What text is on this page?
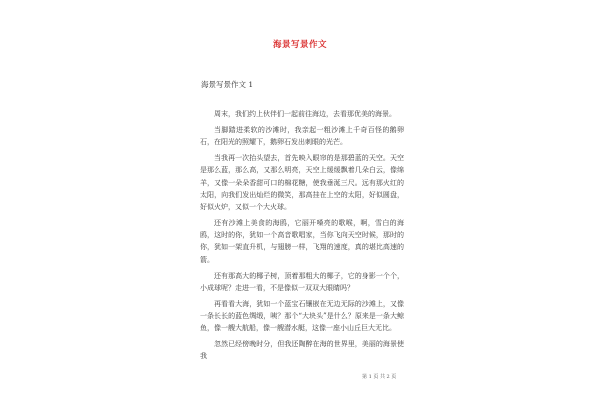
海景写景作文
海景写景作文 1

周末，我们约上伙伴们一起前往海边，去看那优美的海景。

当脚踏进柔软的沙滩时，我亲起一粗沙滩上千奇百怪的鹅卵石，在阳光的照耀下，鹅卵石发出刺眼的光芒。

当我再一次抬头望去，首先映入眼帘的是那碧蓝的天空。天空是那么蓝，那么高，又那么明亮，天空上缓缓飘着几朵白云，像绵羊，又像一朵朵香甜可口的棉花糖，使我垂涎三尺。远有那火红的太阳，向我们发出灿烂的微笑，那高挂在上空的太阳，好似圆盘，好似火炉，又似一个大火球。

还有沙滩上美食的海鸥，它丽开嗓亮的歌喉，啊，雪白的海鸥，这时的你，犹如一个高音歌唱家，当你飞向天空时候，那时的你，犹如一架直升机，与翅膀一样，飞翔的速度，真的堪比高速的箭。

还有那高大的椰子树，顶着那粗大的椰子，它的身影一个个，小成球呢？走进一看，不是像似一双双大眼睛吗？

再看看大海，犹如一个蓝宝石镶嵌在无边无际的沙滩上，又像一条长长的蓝色绸缎，咦？那个“大块头”是什么？原来是一条大鲸鱼，像一艘大航船，像一艘潜水艇，这像一座小山丘巨大无比。

忽然已经傍晚时分，但我还陶醉在海的世界里，美丽的海景使我

第 1 页 共 2 页
